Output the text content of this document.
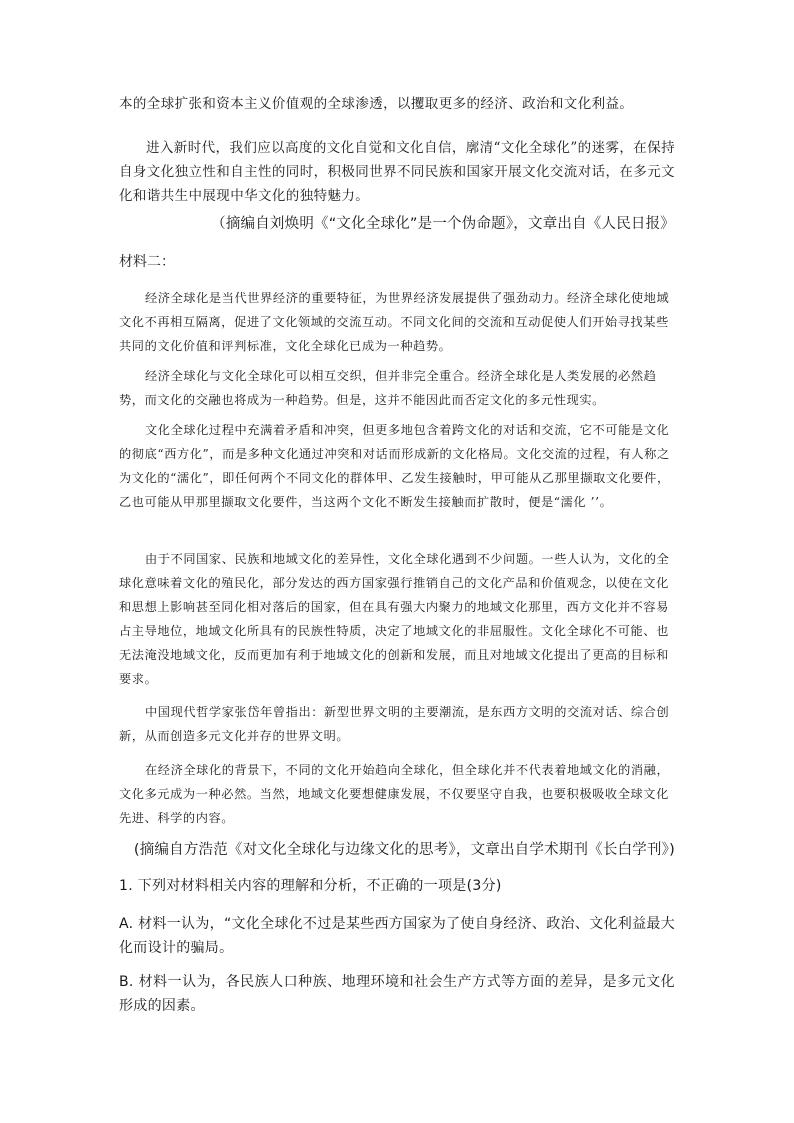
本的全球扩张和资本主义价值观的全球渗透，以攫取更多的经济、政治和文化利益。

进入新时代，我们应以高度的文化自觉和文化自信，廓清“文化全球化”的迷雾，在保持自身文化独立性和自主性的同时，积极同世界不同民族和国家开展文化交流对话，在多元文化和谐共生中展现中华文化的独特魅力。

（摘编自刘焕明《“文化全球化”是一个伪命题》，文章出自《人民日报》

材料二：

经济全球化是当代世界经济的重要特征，为世界经济发展提供了强劲动力。经济全球化使地域文化不再相互隔离，促进了文化领域的交流互动。不同文化间的交流和互动促使人们开始寻找某些共同的文化价值和评判标准，文化全球化已成为一种趋势。

经济全球化与文化全球化可以相互交织，但并非完全重合。经济全球化是人类发展的必然趋势，而文化的交融也将成为一种趋势。但是，这并不能因此而否定文化的多元性现实。

文化全球化过程中充满着矛盾和冲突，但更多地包含着跨文化的对话和交流，它不可能是文化的彻底“西方化”，而是多种文化通过冲突和对话而形成新的文化格局。文化交流的过程，有人称之为文化的“濡化”，即任何两个不同文化的群体甲、乙发生接触时，甲可能从乙那里撷取文化要件，乙也可能从甲那里撷取文化要件，当这两个文化不断发生接触而扩散时，便是“濡化 ’’。

由于不同国家、民族和地域文化的差异性，文化全球化遇到不少问题。一些人认为，文化的全球化意味着文化的殖民化，部分发达的西方国家强行推销自己的文化产品和价值观念，以使在文化和思想上影响甚至同化相对落后的国家，但在具有强大内聚力的地域文化那里，西方文化并不容易占主导地位，地域文化所具有的民族性特质，决定了地域文化的非屈服性。文化全球化不可能、也无法淹没地域文化，反而更加有利于地域文化的创新和发展，而且对地域文化提出了更高的目标和要求。

中国现代哲学家张岱年曾指出：新型世界文明的主要潮流，是东西方文明的交流对话、综合创新，从而创造多元文化并存的世界文明。

在经济全球化的背景下，不同的文化开始趋向全球化，但全球化并不代表着地域文化的消融，文化多元成为一种必然。当然，地域文化要想健康发展，不仅要坚守自我，也要积极吸收全球文化先进、科学的内容。

(摘编自方浩范《对文化全球化与边缘文化的思考》，文章出自学术期刊《长白学刊》)

1. 下列对材料相关内容的理解和分析，不正确的一项是(3分)

A. 材料一认为，“文化全球化不过是某些西方国家为了使自身经济、政治、文化利益最大化而设计的骗局。

B. 材料一认为，各民族人口种族、地理环境和社会生产方式等方面的差异，是多元文化形成的因素。
